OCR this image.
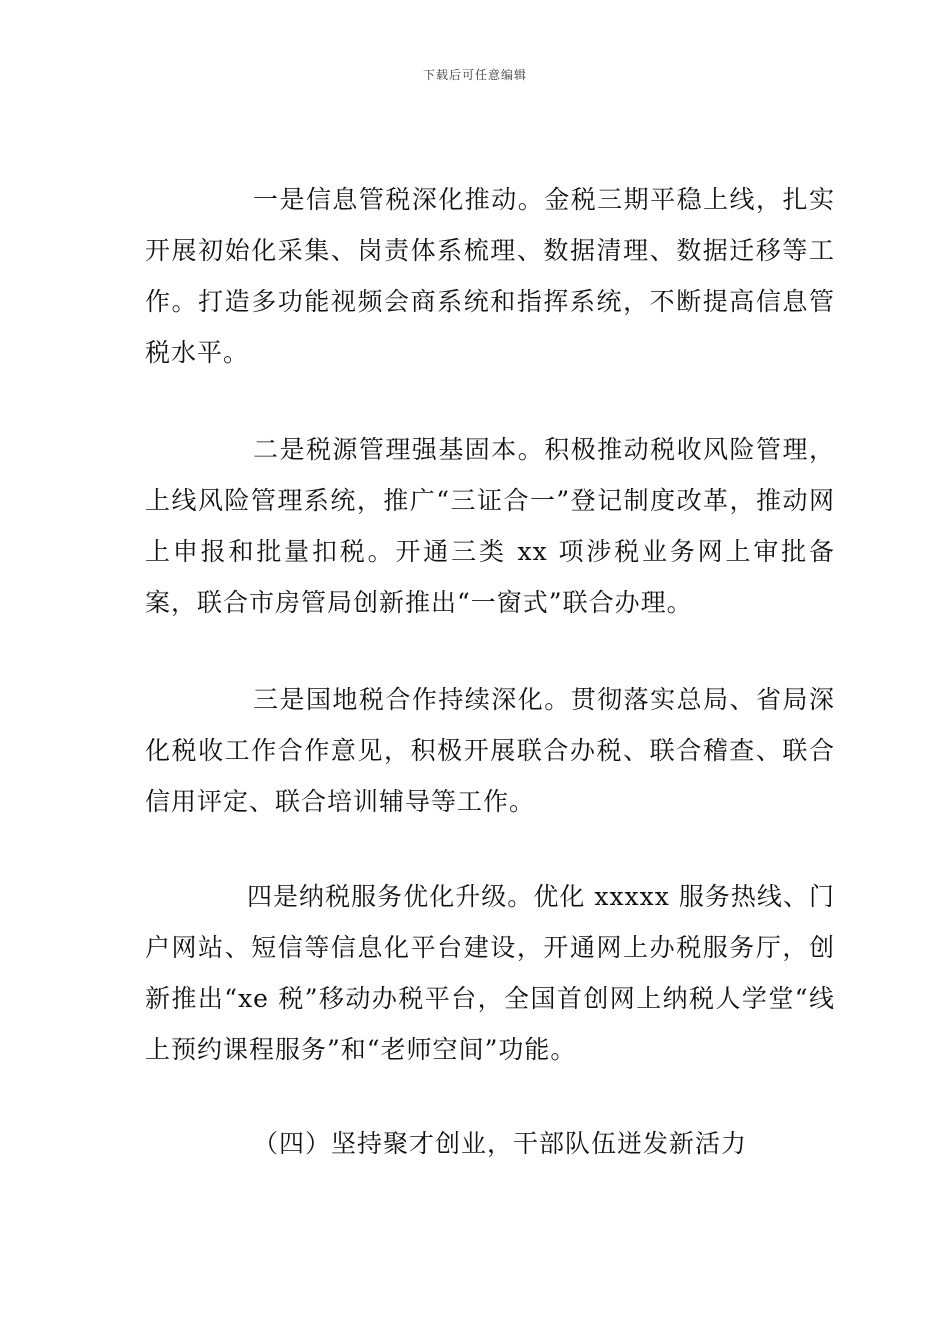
下载后可任意编辑

一是信息管税深化推动。金税三期平稳上线，扎实开展初始化采集、岗责体系梳理、数据清理、数据迁移等工作。打造多功能视频会商系统和指挥系统，不断提高信息管税水平。

二是税源管理强基固本。积极推动税收风险管理，上线风险管理系统，推广“三证合一”登记制度改革，推动网上申报和批量扣税。开通三类 xx 项涉税业务网上审批备案，联合市房管局创新推出“一窗式”联合办理。

三是国地税合作持续深化。贯彻落实总局、省局深化税收工作合作意见，积极开展联合办税、联合稽查、联合信用评定、联合培训辅导等工作。

四是纳税服务优化升级。优化 xxxxx 服务热线、门户网站、短信等信息化平台建设，开通网上办税服务厅，创新推出“xe 税”移动办税平台，全国首创网上纳税人学堂“线上预约课程服务”和“老师空间”功能。

（四）坚持聚才创业，干部队伍迸发新活力
